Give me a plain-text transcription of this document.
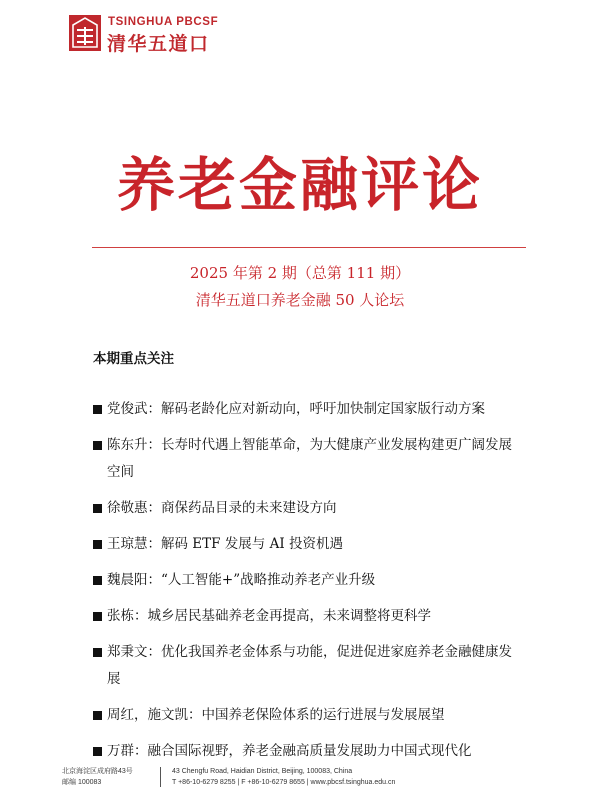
TSINGHUA PBCSF
清华五道口
养老金融评论
2025 年第 2 期（总第 111 期）
清华五道口养老金融 50 人论坛
本期重点关注
党俊武：解码老龄化应对新动向，呼吁加快制定国家版行动方案
陈东升：长寿时代遇上智能革命，为大健康产业发展构建更广阔发展空间
徐敬惠：商保药品目录的未来建设方向
王琼慧：解码 ETF 发展与 AI 投资机遇
魏晨阳：“人工智能+”战略推动养老产业升级
张栋：城乡居民基础养老金再提高，未来调整将更科学
郑秉文：优化我国养老金体系与功能，促进促进家庭养老金融健康发展
周红，施文凯：中国养老保险体系的运行进展与发展展望
万群：融合国际视野，养老金融高质量发展助力中国式现代化
北京海淀区成府路43号
邮编 100083
43 Chengfu Road, Haidian District, Beijing, 100083, China
T +86-10-6279 8255 | F +86-10-6279 8655 | www.pbcsf.tsinghua.edu.cn
